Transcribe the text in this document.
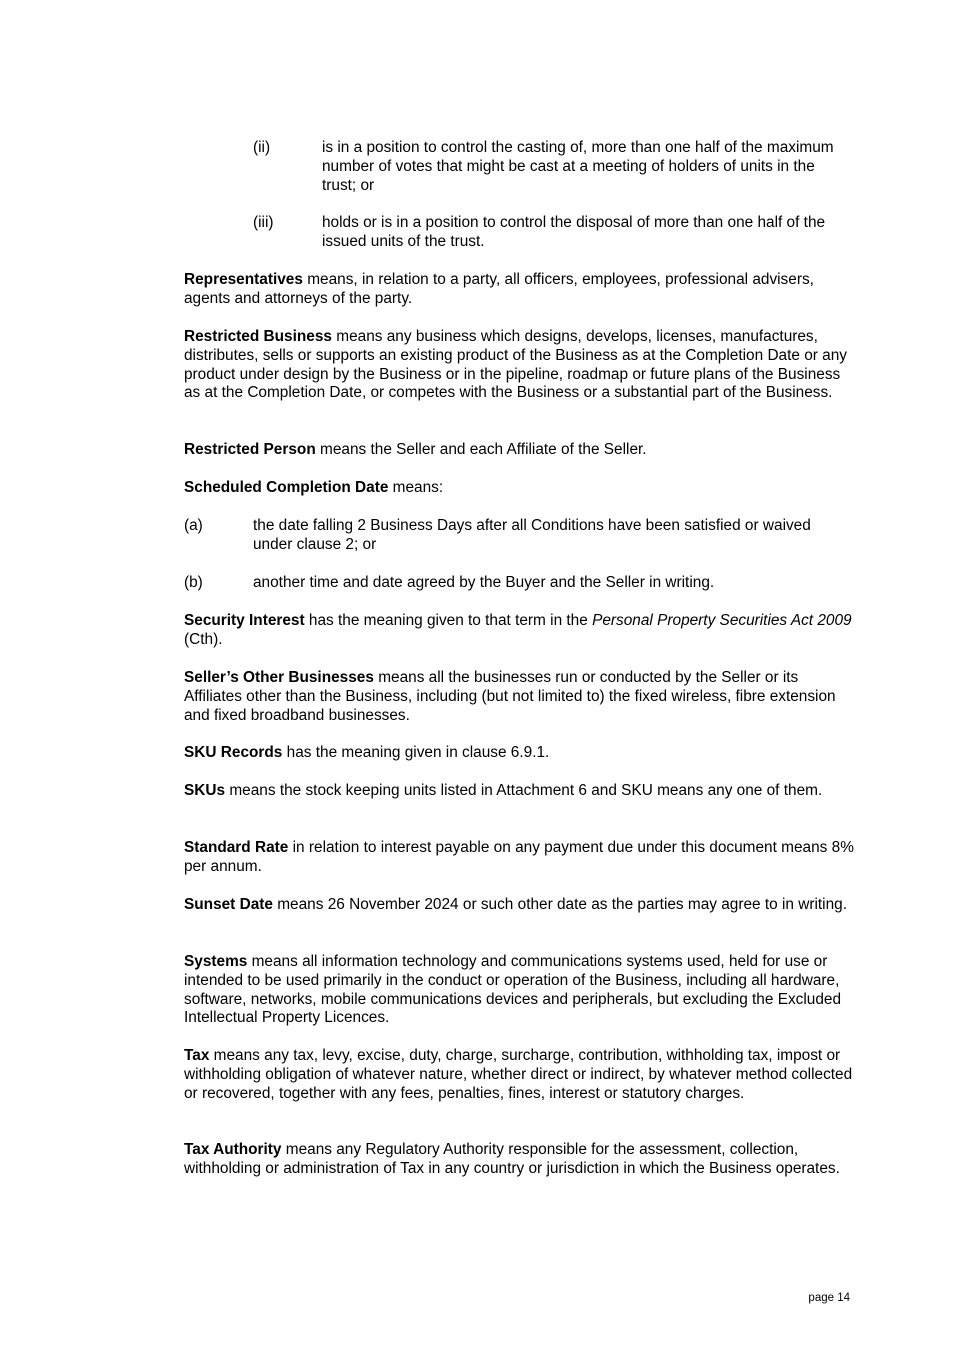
(ii)	is in a position to control the casting of, more than one half of the maximum number of votes that might be cast at a meeting of holders of units in the trust; or
(iii)	holds or is in a position to control the disposal of more than one half of the issued units of the trust.
Representatives means, in relation to a party, all officers, employees, professional advisers, agents and attorneys of the party.
Restricted Business means any business which designs, develops, licenses, manufactures, distributes, sells or supports an existing product of the Business as at the Completion Date or any product under design by the Business or in the pipeline, roadmap or future plans of the Business as at the Completion Date, or competes with the Business or a substantial part of the Business.
Restricted Person means the Seller and each Affiliate of the Seller.
Scheduled Completion Date means:
(a)	the date falling 2 Business Days after all Conditions have been satisfied or waived under clause 2; or
(b)	another time and date agreed by the Buyer and the Seller in writing.
Security Interest has the meaning given to that term in the Personal Property Securities Act 2009 (Cth).
Seller’s Other Businesses means all the businesses run or conducted by the Seller or its Affiliates other than the Business, including (but not limited to) the fixed wireless, fibre extension and fixed broadband businesses.
SKU Records has the meaning given in clause 6.9.1.
SKUs means the stock keeping units listed in Attachment 6 and SKU means any one of them.
Standard Rate in relation to interest payable on any payment due under this document means 8% per annum.
Sunset Date means 26 November 2024 or such other date as the parties may agree to in writing.
Systems means all information technology and communications systems used, held for use or intended to be used primarily in the conduct or operation of the Business, including all hardware, software, networks, mobile communications devices and peripherals, but excluding the Excluded Intellectual Property Licences.
Tax means any tax, levy, excise, duty, charge, surcharge, contribution, withholding tax, impost or withholding obligation of whatever nature, whether direct or indirect, by whatever method collected or recovered, together with any fees, penalties, fines, interest or statutory charges.
Tax Authority means any Regulatory Authority responsible for the assessment, collection, withholding or administration of Tax in any country or jurisdiction in which the Business operates.
page 14
